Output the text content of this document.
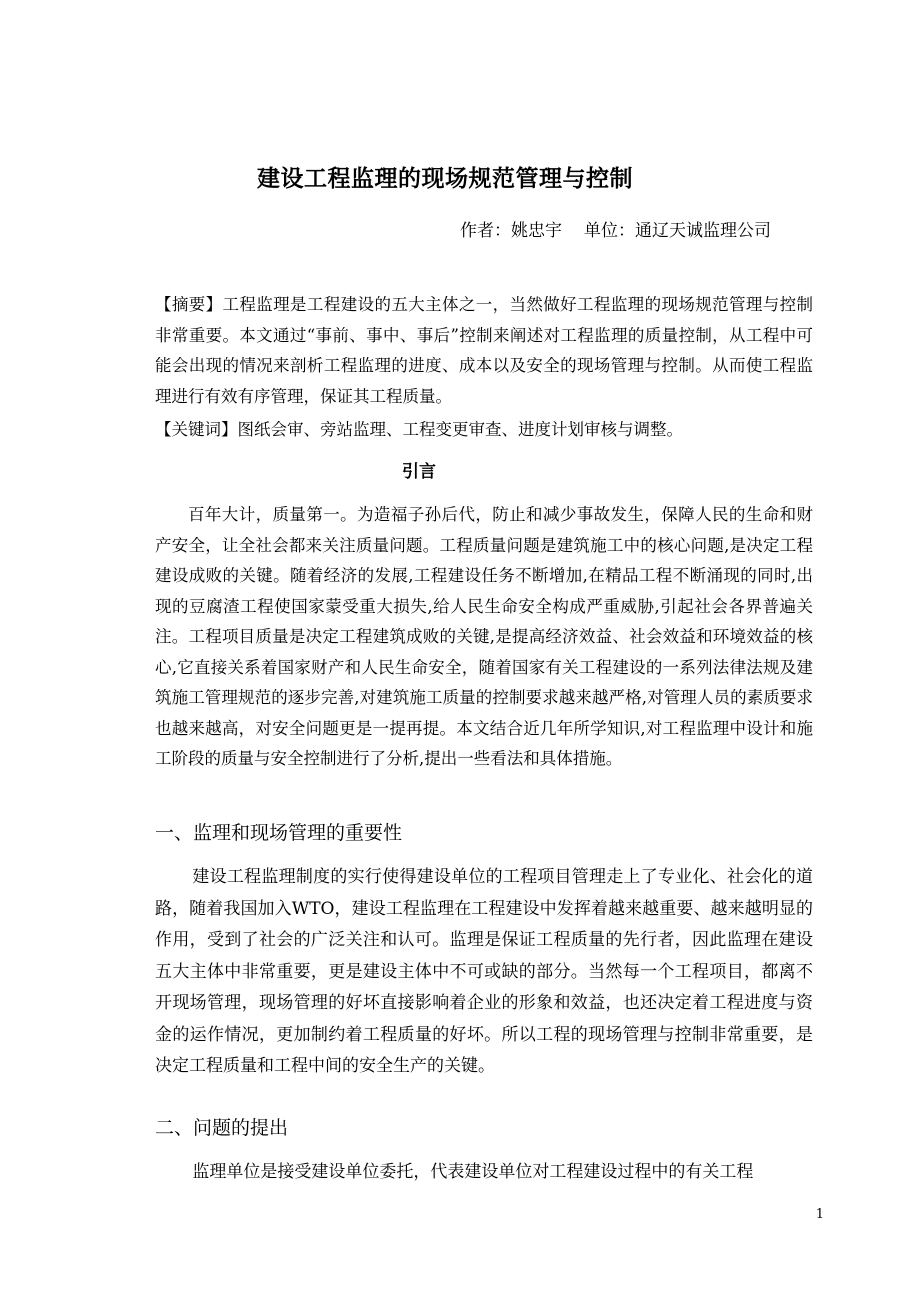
建设工程监理的现场规范管理与控制
作者：姚忠宇 单位：通辽天诚监理公司
【摘要】工程监理是工程建设的五大主体之一，当然做好工程监理的现场规范管理与控制非常重要。本文通过“事前、事中、事后”控制来阐述对工程监理的质量控制，从工程中可能会出现的情况来剖析工程监理的进度、成本以及安全的现场管理与控制。从而使工程监理进行有效有序管理，保证其工程质量。
【关键词】图纸会审、旁站监理、工程变更审查、进度计划审核与调整。
引言
百年大计，质量第一。为造福子孙后代，防止和减少事故发生，保障人民的生命和财产安全，让全社会都来关注质量问题。工程质量问题是建筑施工中的核心问题,是决定工程建设成败的关键。随着经济的发展,工程建设任务不断增加,在精品工程不断涌现的同时,出现的豆腐渣工程使国家蒙受重大损失,给人民生命安全构成严重威胁,引起社会各界普遍关注。工程项目质量是决定工程建筑成败的关键,是提高经济效益、社会效益和环境效益的核心,它直接关系着国家财产和人民生命安全，随着国家有关工程建设的一系列法律法规及建筑施工管理规范的逐步完善,对建筑施工质量的控制要求越来越严格,对管理人员的素质要求也越来越高，对安全问题更是一提再提。本文结合近几年所学知识,对工程监理中设计和施工阶段的质量与安全控制进行了分析,提出一些看法和具体措施。
一、监理和现场管理的重要性
建设工程监理制度的实行使得建设单位的工程项目管理走上了专业化、社会化的道路，随着我国加入WTO，建设工程监理在工程建设中发挥着越来越重要、越来越明显的作用，受到了社会的广泛关注和认可。监理是保证工程质量的先行者，因此监理在建设五大主体中非常重要，更是建设主体中不可或缺的部分。当然每一个工程项目，都离不开现场管理，现场管理的好坏直接影响着企业的形象和效益，也还决定着工程进度与资金的运作情况，更加制约着工程质量的好坏。所以工程的现场管理与控制非常重要，是决定工程质量和工程中间的安全生产的关键。
二、问题的提出
监理单位是接受建设单位委托，代表建设单位对工程建设过程中的有关工程
1
